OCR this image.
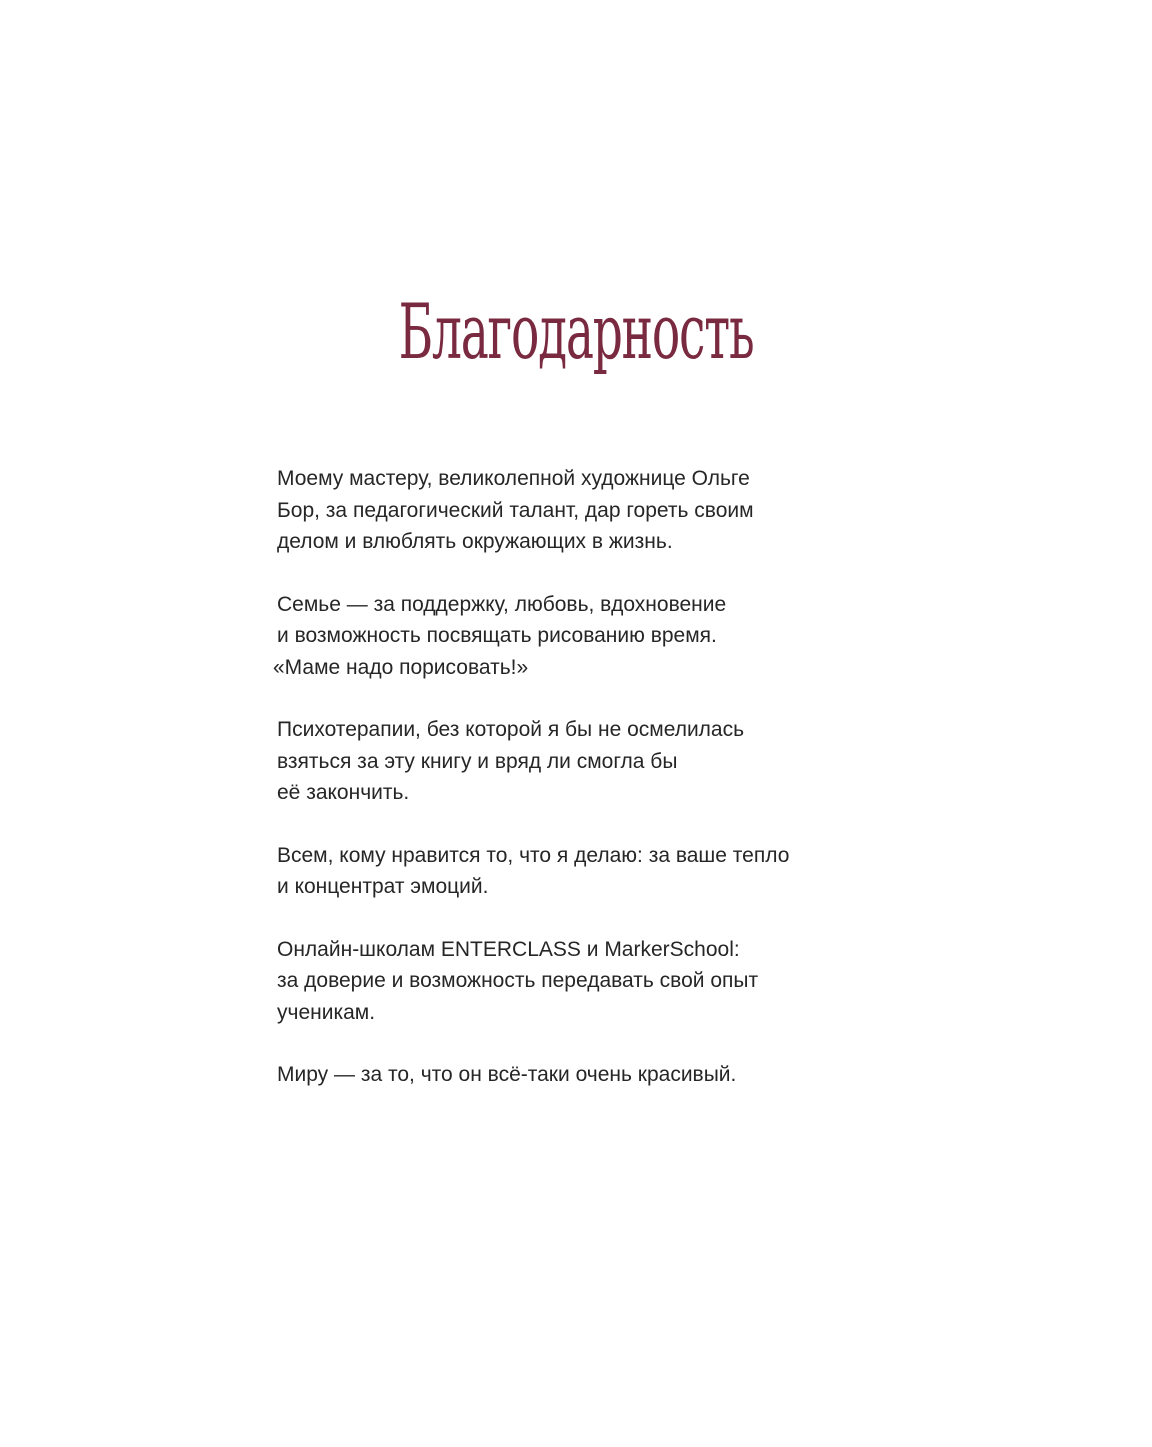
Благодарность

Моему мастеру, великолепной художнице Ольге
Бор, за педагогический талант, дар гореть своим
делом и влюблять окружающих в жизнь.

Семье — за поддержку, любовь, вдохновение
и возможность посвящать рисованию время.
«Маме надо порисовать!»

Психотерапии, без которой я бы не осмелилась
взяться за эту книгу и вряд ли смогла бы
её закончить.

Всем, кому нравится то, что я делаю: за ваше тепло
и концентрат эмоций.

Онлайн-школам ENTERCLASS и MarkerSchool:
за доверие и возможность передавать свой опыт
ученикам.

Миру — за то, что он всё-таки очень красивый.
